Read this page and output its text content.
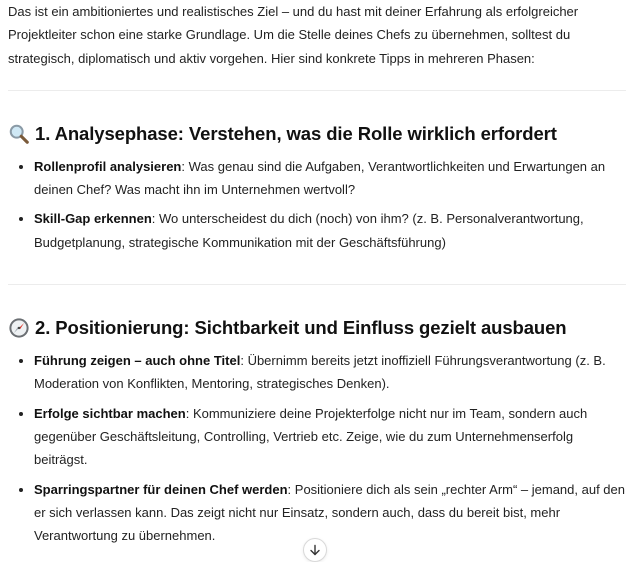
Das ist ein ambitioniertes und realistisches Ziel – und du hast mit deiner Erfahrung als erfolgreicher Projektleiter schon eine starke Grundlage. Um die Stelle deines Chefs zu übernehmen, solltest du strategisch, diplomatisch und aktiv vorgehen. Hier sind konkrete Tipps in mehreren Phasen:

1. Analysephase: Verstehen, was die Rolle wirklich erfordert
• Rollenprofil analysieren: Was genau sind die Aufgaben, Verantwortlichkeiten und Erwartungen an deinen Chef? Was macht ihn im Unternehmen wertvoll?
• Skill-Gap erkennen: Wo unterscheidest du dich (noch) von ihm? (z. B. Personalverantwortung, Budgetplanung, strategische Kommunikation mit der Geschäftsführung)
2. Positionierung: Sichtbarkeit und Einfluss gezielt ausbauen
• Führung zeigen – auch ohne Titel: Übernimm bereits jetzt inoffiziell Führungsverantwortung (z. B. Moderation von Konflikten, Mentoring, strategisches Denken).
• Erfolge sichtbar machen: Kommuniziere deine Projekterfolge nicht nur im Team, sondern auch gegenüber Geschäftsleitung, Controlling, Vertrieb etc. Zeige, wie du zum Unternehmenserfolg beiträgst.
• Sparringspartner für deinen Chef werden: Positioniere dich als sein „rechter Arm“ – jemand, auf den er sich verlassen kann. Das zeigt nicht nur Einsatz, sondern auch, dass du bereit bist, mehr Verantwortung zu übernehmen.
